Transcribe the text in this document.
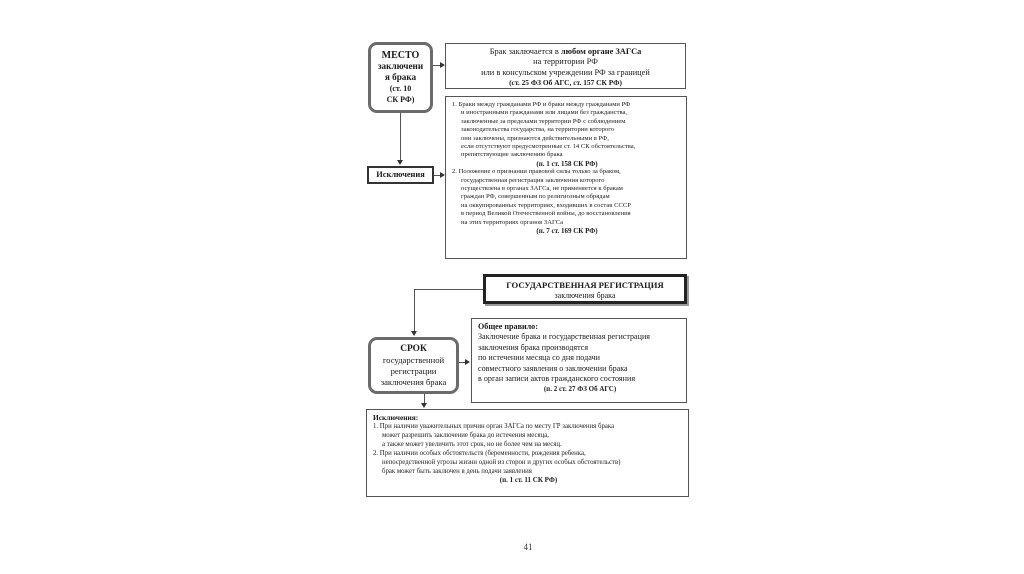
МЕСТО
заключени
я брака
(ст. 10
СК РФ)
Брак заключается в любом органе ЗАГСа
на территории РФ
или в консульском учреждении РФ за границей
(ст. 25 ФЗ Об АГС, ст. 157 СК РФ)
Исключения
1. Браки между гражданами РФ и браки между гражданами РФ
и иностранными гражданами или лицами без гражданства,
заключенные за пределами территории РФ с соблюдением
законодательства государства, на территории которого
они заключены, признаются действительными в РФ,
если отсутствуют предусмотренные ст. 14 СК обстоятельства,
препятствующие заключению брака
(п. 1 ст. 158 СК РФ)
2. Положение о признании правовой силы только за браком,
государственная регистрация заключения которого
осуществлена в органах ЗАГСа, не применяется к бракам
граждан РФ, совершенным по религиозным обрядам
на оккупированных территориях, входивших в состав СССР
в период Великой Отечественной войны, до восстановления
на этих территориях органов ЗАГСа
(п. 7 ст. 169 СК РФ)
ГОСУДАРСТВЕННАЯ РЕГИСТРАЦИЯ
заключения брака
СРОК
государственной
регистрации
заключения брака
Общее правило:
Заключение брака и государственная регистрация
заключения брака производятся
по истечении месяца со дня подачи
совместного заявления о заключении брака
в орган записи актов гражданского состояния
(п. 2 ст. 27 ФЗ Об АГС)
Исключения:
1. При наличии уважительных причин орган ЗАГСа по месту ГР заключения брака
может разрешить заключение брака до истечения месяца,
а также может увеличить этот срок, но не более чем на месяц.
2. При наличии особых обстоятельств (беременности, рождения ребенка,
непосредственной угрозы жизни одной из сторон и других особых обстоятельств)
брак может быть заключен в день подачи заявления
(п. 1 ст. 11 СК РФ)
41
